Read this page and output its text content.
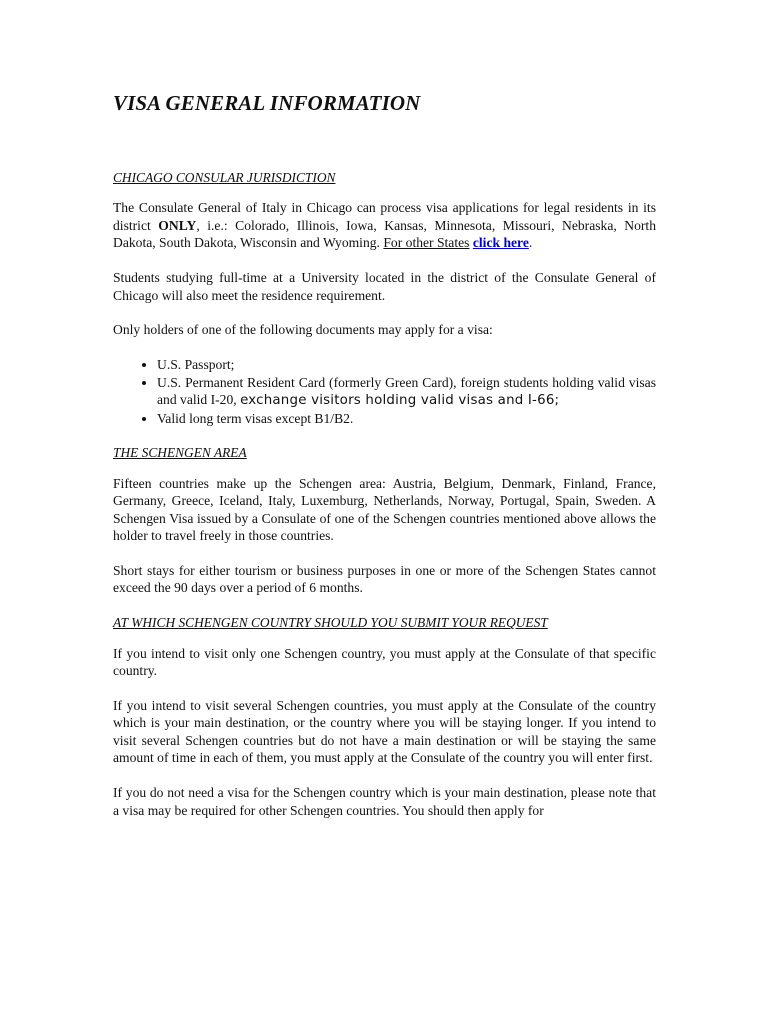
VISA GENERAL INFORMATION
CHICAGO CONSULAR JURISDICTION

The Consulate General of Italy in Chicago can process visa applications for legal residents in its district ONLY, i.e.: Colorado, Illinois, Iowa, Kansas, Minnesota, Missouri, Nebraska, North Dakota, South Dakota, Wisconsin and Wyoming. For other States click here.

Students studying full-time at a University located in the district of the Consulate General of Chicago will also meet the residence requirement.

Only holders of one of the following documents may apply for a visa:

• U.S. Passport;
• U.S. Permanent Resident Card (formerly Green Card), foreign students holding valid visas and valid I-20, exchange visitors holding valid visas and I-66;
• Valid long term visas except B1/B2.
THE SCHENGEN AREA

Fifteen countries make up the Schengen area: Austria, Belgium, Denmark, Finland, France, Germany, Greece, Iceland, Italy, Luxemburg, Netherlands, Norway, Portugal, Spain, Sweden. A Schengen Visa issued by a Consulate of one of the Schengen countries mentioned above allows the holder to travel freely in those countries.

Short stays for either tourism or business purposes in one or more of the Schengen States cannot exceed the 90 days over a period of 6 months.

AT WHICH SCHENGEN COUNTRY SHOULD YOU SUBMIT YOUR REQUEST

If you intend to visit only one Schengen country, you must apply at the Consulate of that specific country.

If you intend to visit several Schengen countries, you must apply at the Consulate of the country which is your main destination, or the country where you will be staying longer. If you intend to visit several Schengen countries but do not have a main destination or will be staying the same amount of time in each of them, you must apply at the Consulate of the country you will enter first.

If you do not need a visa for the Schengen country which is your main destination, please note that a visa may be required for other Schengen countries. You should then apply for
